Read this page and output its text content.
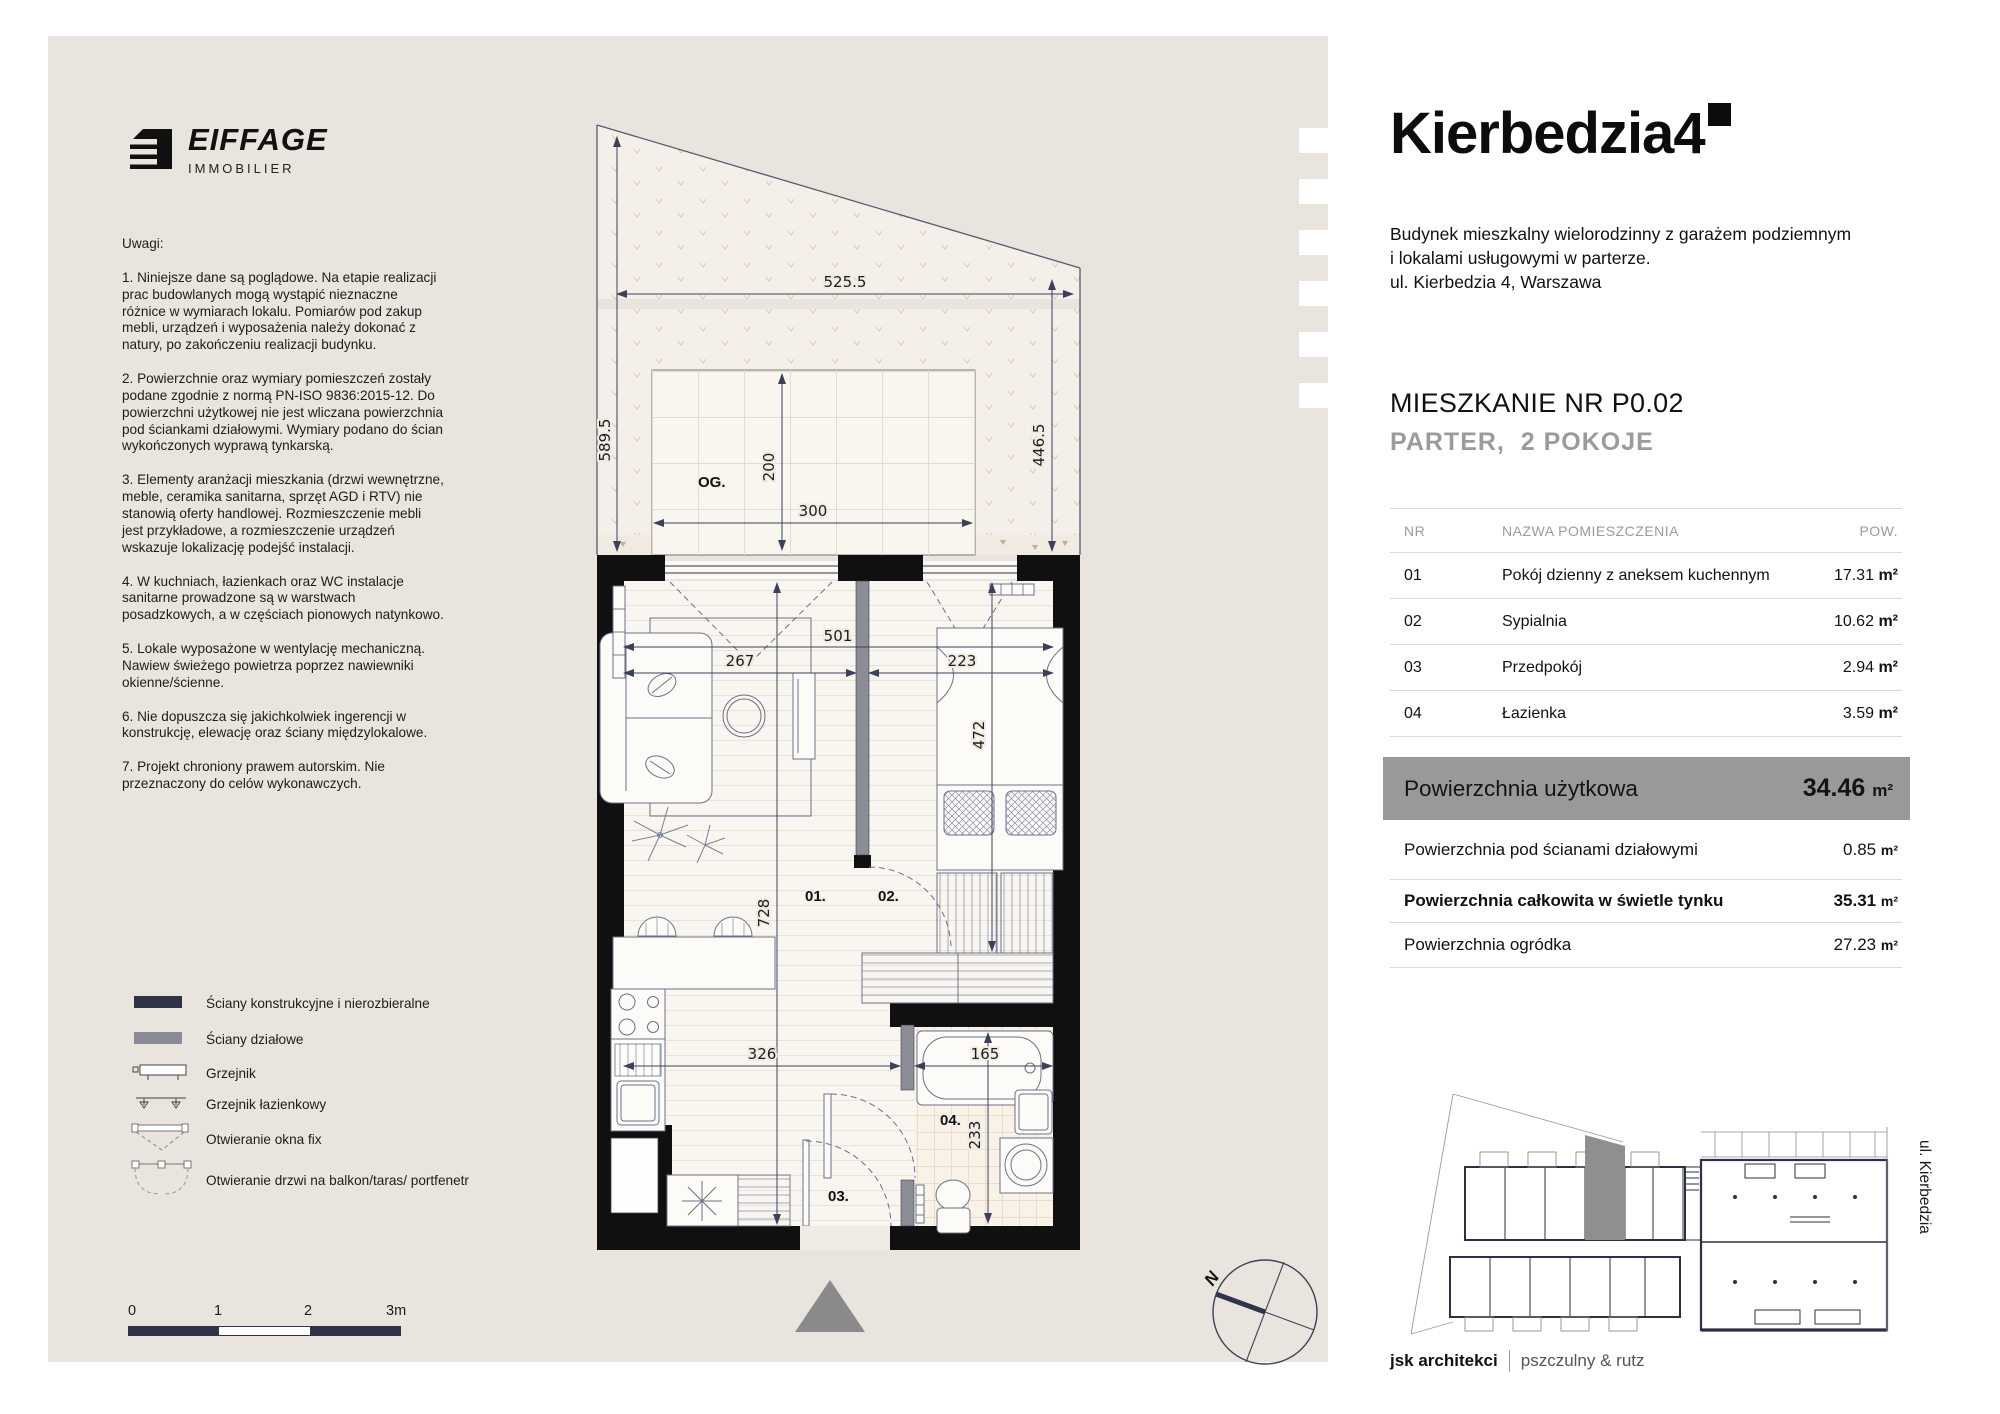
EIFFAGE
IMMOBILIER
Uwagi:

1. Niniejsze dane są poglądowe. Na etapie realizacji prac budowlanych mogą wystąpić nieznaczne różnice w wymiarach lokalu. Pomiarów pod zakup mebli, urządzeń i wyposażenia należy dokonać z natury, po zakończeniu realizacji budynku.

2. Powierzchnie oraz wymiary pomieszczeń zostały podane zgodnie z normą PN-ISO 9836:2015-12. Do powierzchni użytkowej nie jest wliczana powierzchnia pod ściankami działowymi. Wymiary podano do ścian wykończonych wyprawą tynkarską.

3. Elementy aranżacji mieszkania (drzwi wewnętrzne, meble, ceramika sanitarna, sprzęt AGD i RTV) nie stanowią oferty handlowej. Rozmieszczenie mebli jest przykładowe, a rozmieszczenie urządzeń wskazuje lokalizację podejść instalacji.

4. W kuchniach, łazienkach oraz WC instalacje sanitarne prowadzone są w warstwach posadzkowych, a w częściach pionowych natynkowo.

5. Lokale wyposażone w wentylację mechaniczną. Nawiew świeżego powietrza poprzez nawiewniki okienne/ścienne.

6. Nie dopuszcza się jakichkolwiek ingerencji w konstrukcję, elewację oraz ściany międzylokalowe.

7. Projekt chroniony prawem autorskim. Nie przeznaczony do celów wykonawczych.

Ściany konstrukcyjne i nierozbieralne
Ściany działowe
Grzejnik
Grzejnik łazienkowy
Otwieranie okna fix
Otwieranie drzwi na balkon/taras/ portfenetr
0	1	2	3m
525.5
589.5	446.5
200
300
OG.
501
267	223
472
728
326	165
233
01.	02.
03.
04.
N
Kierbedzia4
Budynek mieszkalny wielorodzinny z garażem podziemnym
i lokalami usługowymi w parterze.
ul. Kierbedzia 4, Warszawa
MIESZKANIE NR P0.02
PARTER,  2 POKOJE
NR	NAZWA POMIESZCZENIA	POW.
01	Pokój dzienny z aneksem kuchennym	17.31 m²
02	Sypialnia	10.62 m²
03	Przedpokój	2.94 m²
04	Łazienka	3.59 m²
Powierzchnia użytkowa	34.46 m²
Powierzchnia pod ścianami działowymi	0.85 m²
Powierzchnia całkowita w świetle tynku	35.31 m²
Powierzchnia ogródka	27.23 m²
ul. Kierbedzia
jsk architekci pszczulny & rutz
